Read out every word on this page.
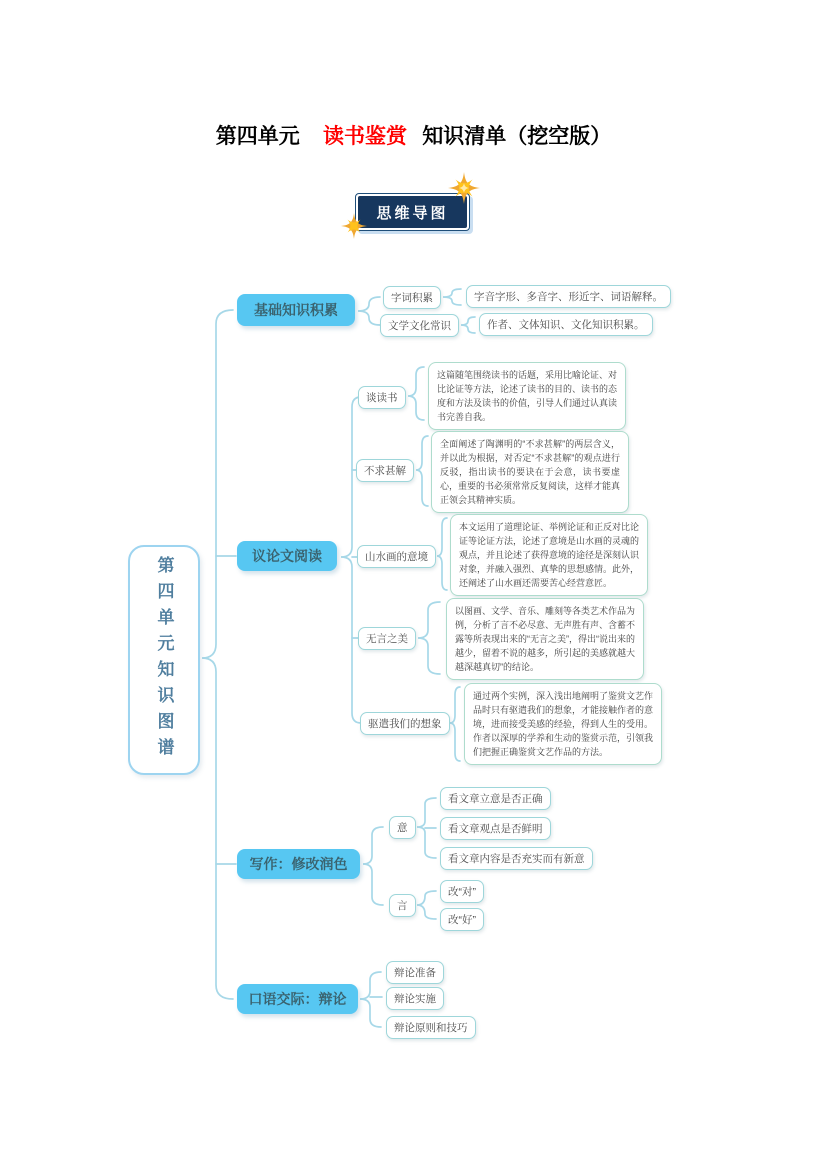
第四单元 读书鉴赏 知识清单（挖空版）
思维导图
第四单元知识图谱
基础知识积累
议论文阅读
写作：修改润色
口语交际：辩论
字词积累	字音字形、多音字、形近字、词语解释。
文学文化常识	作者、文体知识、文化知识积累。
谈读书
这篇随笔围绕读书的话题，采用比喻论证、对比论证等方法，论述了读书的目的、读书的态度和方法及读书的价值，引导人们通过认真读书完善自我。
不求甚解
全面阐述了陶渊明的“不求甚解”的两层含义，并以此为根据，对否定“不求甚解”的观点进行反驳，指出读书的要诀在于会意，读书要虚心，重要的书必须常常反复阅读，这样才能真正领会其精神实质。
山水画的意境
本文运用了道理论证、举例论证和正反对比论证等论证方法，论述了意境是山水画的灵魂的观点，并且论述了获得意境的途径是深刻认识对象，并融入强烈、真挚的思想感情。此外，还阐述了山水画还需要苦心经营意匠。
无言之美
以图画、文学、音乐、雕刻等各类艺术作品为例，分析了言不必尽意、无声胜有声、含蓄不露等所表现出来的“无言之美”，得出“说出来的越少，留着不说的越多，所引起的美感就越大越深越真切”的结论。
驱遣我们的想象
通过两个实例，深入浅出地阐明了鉴赏文艺作品时只有驱遣我们的想象，才能接触作者的意境，进而接受美感的经验，得到人生的受用。作者以深厚的学养和生动的鉴赏示范，引领我们把握正确鉴赏文艺作品的方法。
意
看文章立意是否正确
看文章观点是否鲜明
看文章内容是否充实而有新意
言
改“对”
改“好”
辩论准备
辩论实施
辩论原则和技巧
